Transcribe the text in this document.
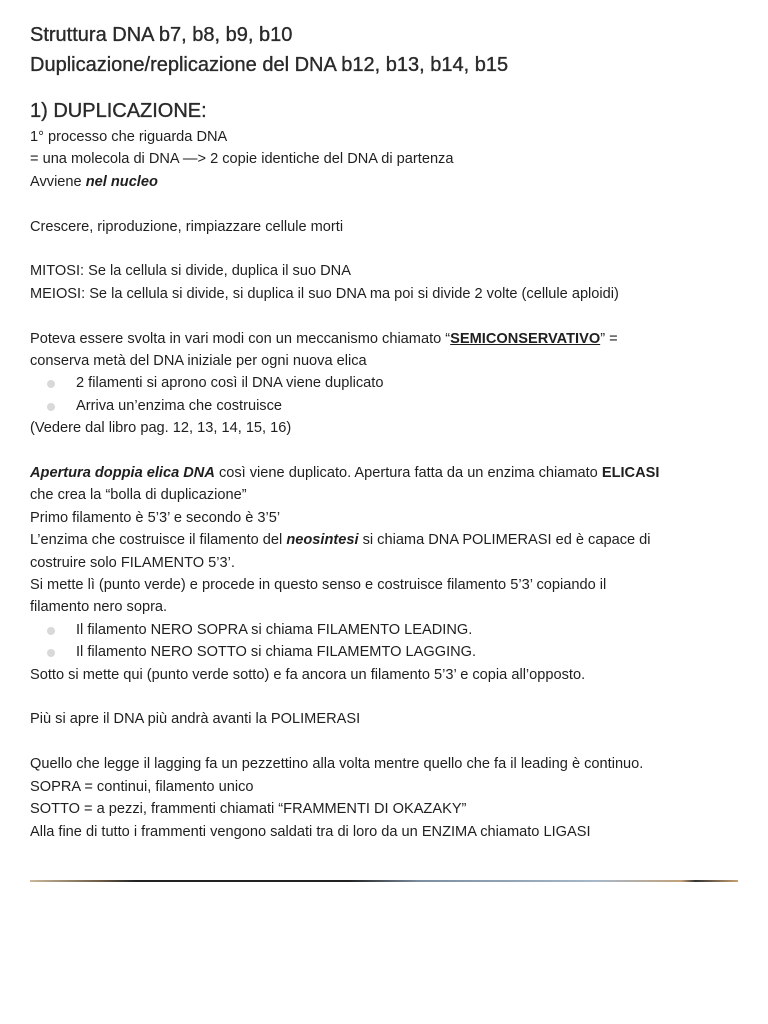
Struttura DNA b7, b8, b9, b10
Duplicazione/replicazione del DNA b12, b13, b14, b15
1) DUPLICAZIONE:
1° processo che riguarda DNA
= una molecola di DNA —> 2 copie identiche del DNA di partenza
Avviene nel nucleo
Crescere, riproduzione, rimpiazzare cellule morti
MITOSI: Se la cellula si divide, duplica il suo DNA
MEIOSI: Se la cellula si divide, si duplica il suo DNA ma poi si divide 2 volte (cellule aploidi)
Poteva essere svolta in vari modi con un meccanismo chiamato “SEMICONSERVATIVO” =
conserva metà del DNA iniziale per ogni nuova elica
2 filamenti si aprono così il DNA viene duplicato
Arriva un’enzima che costruisce
(Vedere dal libro pag. 12, 13, 14, 15, 16)
Apertura doppia elica DNA così viene duplicato. Apertura fatta da un enzima chiamato ELICASI
che crea la “bolla di duplicazione”
Primo filamento è 5’3’ e secondo è 3’5’
L’enzima che costruisce il filamento del neosintesi si chiama DNA POLIMERASI ed è capace di
costruire solo FILAMENTO 5’3’.
Si mette lì (punto verde) e procede in questo senso e costruisce filamento 5’3’ copiando il
filamento nero sopra.
Il filamento NERO SOPRA si chiama FILAMENTO LEADING.
Il filamento NERO SOTTO si chiama FILAMEMTO LAGGING.
Sotto si mette qui (punto verde sotto) e fa ancora un filamento 5’3’ e copia all’opposto.
Più si apre il DNA più andrà avanti la POLIMERASI
Quello che legge il lagging fa un pezzettino alla volta mentre quello che fa il leading è continuo.
SOPRA = continui, filamento unico
SOTTO = a pezzi, frammenti chiamati “FRAMMENTI DI OKAZAKY”
Alla fine di tutto i frammenti vengono saldati tra di loro da un ENZIMA chiamato LIGASI
